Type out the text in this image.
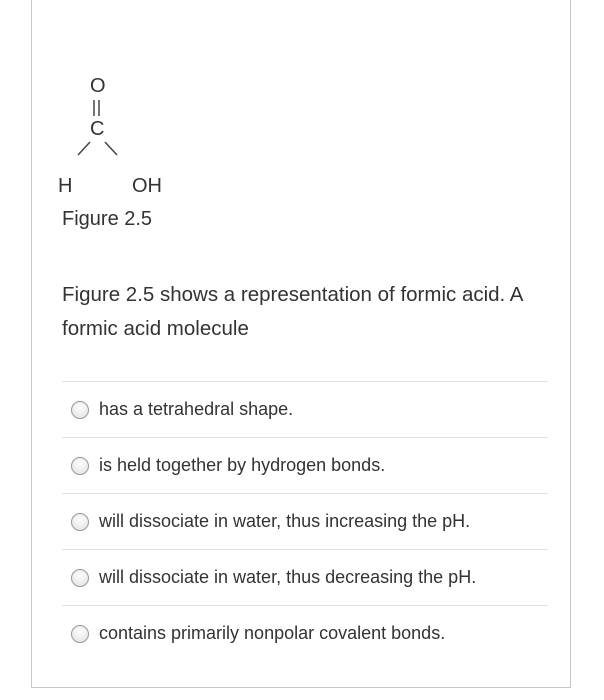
O
C
H	OH
Figure 2.5
Figure 2.5 shows a representation of formic acid. A formic acid molecule
has a tetrahedral shape.
is held together by hydrogen bonds.
will dissociate in water, thus increasing the pH.
will dissociate in water, thus decreasing the pH.
contains primarily nonpolar covalent bonds.
